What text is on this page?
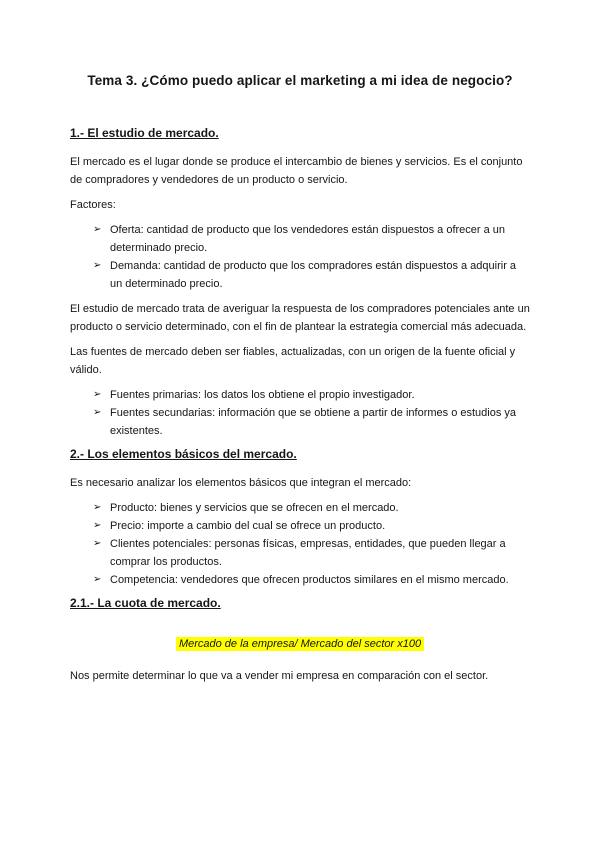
Tema 3. ¿Cómo puedo aplicar el marketing a mi idea de negocio?
1.- El estudio de mercado.

El mercado es el lugar donde se produce el intercambio de bienes y servicios. Es el conjunto de compradores y vendedores de un producto o servicio.

Factores:

➢ Oferta: cantidad de producto que los vendedores están dispuestos a ofrecer a un determinado precio.
➢ Demanda: cantidad de producto que los compradores están dispuestos a adquirir a un determinado precio.

El estudio de mercado trata de averiguar la respuesta de los compradores potenciales ante un producto o servicio determinado, con el fin de plantear la estrategia comercial más adecuada.

Las fuentes de mercado deben ser fiables, actualizadas, con un origen de la fuente oficial y válido.

➢ Fuentes primarias: los datos los obtiene el propio investigador.
➢ Fuentes secundarias: información que se obtiene a partir de informes o estudios ya existentes.
2.- Los elementos básicos del mercado.

Es necesario analizar los elementos básicos que integran el mercado:

➢ Producto: bienes y servicios que se ofrecen en el mercado.
➢ Precio: importe a cambio del cual se ofrece un producto.
➢ Clientes potenciales: personas físicas, empresas, entidades, que pueden llegar a comprar los productos.
➢ Competencia: vendedores que ofrecen productos similares en el mismo mercado.
2.1.- La cuota de mercado.

Mercado de la empresa/ Mercado del sector x100

Nos permite determinar lo que va a vender mi empresa en comparación con el sector.
